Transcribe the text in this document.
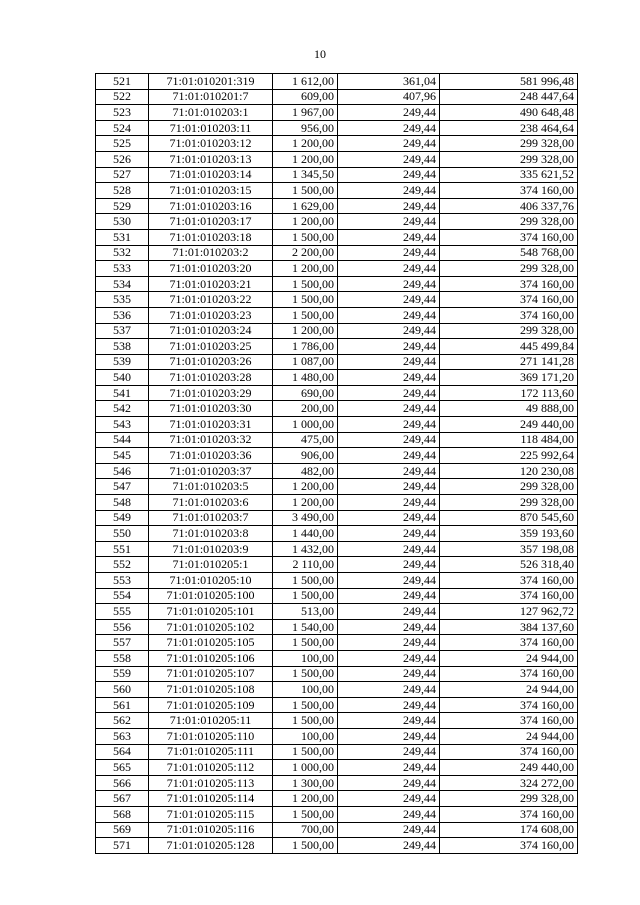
10
521	71:01:010201:319	1 612,00	361,04	581 996,48
522	71:01:010201:7	609,00	407,96	248 447,64
523	71:01:010203:1	1 967,00	249,44	490 648,48
524	71:01:010203:11	956,00	249,44	238 464,64
525	71:01:010203:12	1 200,00	249,44	299 328,00
526	71:01:010203:13	1 200,00	249,44	299 328,00
527	71:01:010203:14	1 345,50	249,44	335 621,52
528	71:01:010203:15	1 500,00	249,44	374 160,00
529	71:01:010203:16	1 629,00	249,44	406 337,76
530	71:01:010203:17	1 200,00	249,44	299 328,00
531	71:01:010203:18	1 500,00	249,44	374 160,00
532	71:01:010203:2	2 200,00	249,44	548 768,00
533	71:01:010203:20	1 200,00	249,44	299 328,00
534	71:01:010203:21	1 500,00	249,44	374 160,00
535	71:01:010203:22	1 500,00	249,44	374 160,00
536	71:01:010203:23	1 500,00	249,44	374 160,00
537	71:01:010203:24	1 200,00	249,44	299 328,00
538	71:01:010203:25	1 786,00	249,44	445 499,84
539	71:01:010203:26	1 087,00	249,44	271 141,28
540	71:01:010203:28	1 480,00	249,44	369 171,20
541	71:01:010203:29	690,00	249,44	172 113,60
542	71:01:010203:30	200,00	249,44	49 888,00
543	71:01:010203:31	1 000,00	249,44	249 440,00
544	71:01:010203:32	475,00	249,44	118 484,00
545	71:01:010203:36	906,00	249,44	225 992,64
546	71:01:010203:37	482,00	249,44	120 230,08
547	71:01:010203:5	1 200,00	249,44	299 328,00
548	71:01:010203:6	1 200,00	249,44	299 328,00
549	71:01:010203:7	3 490,00	249,44	870 545,60
550	71:01:010203:8	1 440,00	249,44	359 193,60
551	71:01:010203:9	1 432,00	249,44	357 198,08
552	71:01:010205:1	2 110,00	249,44	526 318,40
553	71:01:010205:10	1 500,00	249,44	374 160,00
554	71:01:010205:100	1 500,00	249,44	374 160,00
555	71:01:010205:101	513,00	249,44	127 962,72
556	71:01:010205:102	1 540,00	249,44	384 137,60
557	71:01:010205:105	1 500,00	249,44	374 160,00
558	71:01:010205:106	100,00	249,44	24 944,00
559	71:01:010205:107	1 500,00	249,44	374 160,00
560	71:01:010205:108	100,00	249,44	24 944,00
561	71:01:010205:109	1 500,00	249,44	374 160,00
562	71:01:010205:11	1 500,00	249,44	374 160,00
563	71:01:010205:110	100,00	249,44	24 944,00
564	71:01:010205:111	1 500,00	249,44	374 160,00
565	71:01:010205:112	1 000,00	249,44	249 440,00
566	71:01:010205:113	1 300,00	249,44	324 272,00
567	71:01:010205:114	1 200,00	249,44	299 328,00
568	71:01:010205:115	1 500,00	249,44	374 160,00
569	71:01:010205:116	700,00	249,44	174 608,00
571	71:01:010205:128	1 500,00	249,44	374 160,00
